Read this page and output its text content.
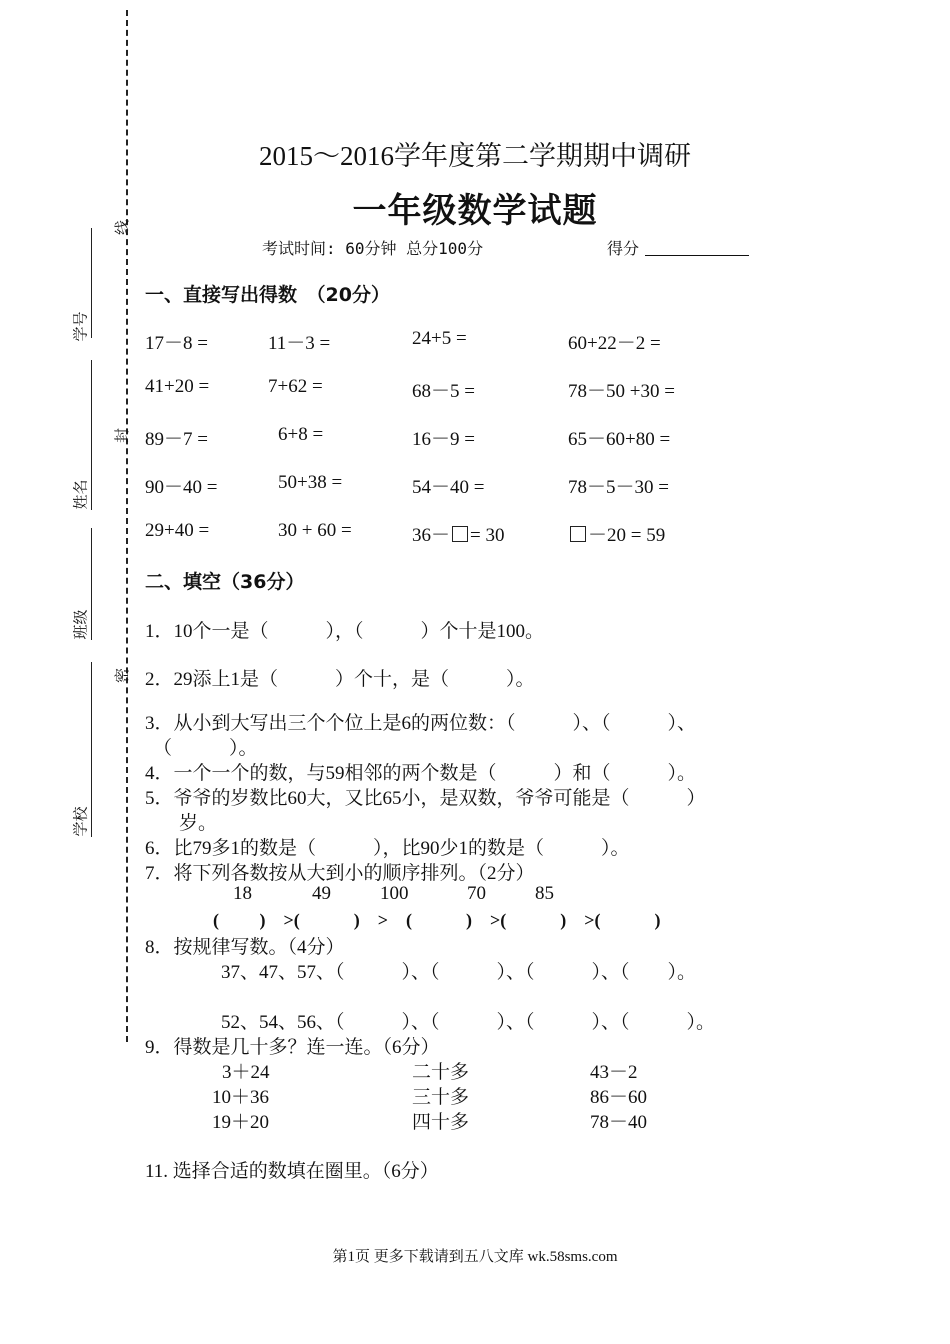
学号
姓名
班级
学校
线
封
密
2015～2016学年度第二学期期中调研
一年级数学试题
考试时间: 60分钟 总分100分	得分
一、直接写出得数　（20分）
17－8 =	11－3 =	24+5 =	60+22－2 =
41+20 =	7+62 =	68－5 =	78－50 +30 =
89－7 =	6+8 =	16－9 =	65－60+80 =
90－40 =	50+38 =	54－40 =	78－5－30 =
29+40 =	30 + 60 =	36－ = 30	－20 = 59
二、填空（36分）
1．10个一是（　　　），（　　　）个十是100。
2．29添上1是（　　　）个十，是（　　　）。
3．从小到大写出三个个位上是6的两位数：（　　　）、（　　　）、
（　　　）。
4．一个一个的数，与59相邻的两个数是（　　　）和（　　　）。
5．爷爷的岁数比60大，又比65小，是双数，爷爷可能是（　　　）
岁。
6．比79多1的数是（　　　），比90少1的数是（　　　）。
7．将下列各数按从大到小的顺序排列。（2分）
18	49	100	70	85
(　　 )　>(　　　)　>　(　　　)　>(　　　)　>(　　　)
8．按规律写数。（4分）
37、47、57、（　　　）、（　　　）、（　　　）、（　　）。
52、54、56、（　　　）、（　　　）、（　　　）、（　　　）。
9．得数是几十多？连一连。（6分）
3＋24
10＋36
19＋20
二十多
三十多
四十多
43－2
86－60
78－40
11. 选择合适的数填在圈里。（6分）
第1页 更多下载请到五八文库 wk.58sms.com
